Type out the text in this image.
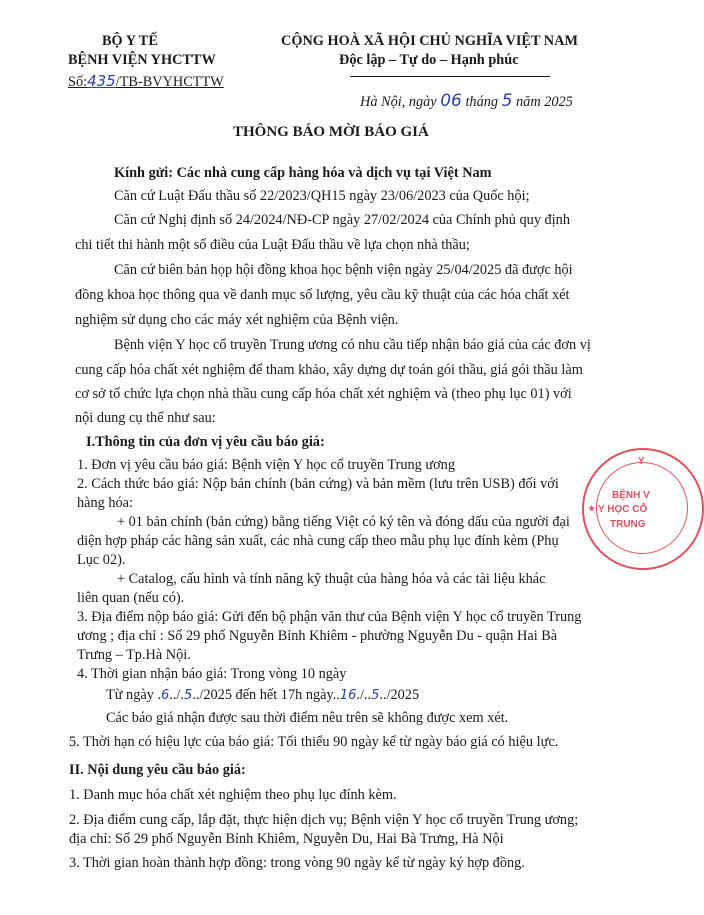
BỘ Y TẾ
BỆNH VIỆN YHCTTW
Số:435/TB-BVYHCTTW
CỘNG HOÀ XÃ HỘI CHỦ NGHĨA VIỆT NAM
Độc lập – Tự do – Hạnh phúc
Hà Nội, ngày 06 tháng 5 năm 2025
THÔNG BÁO MỜI BÁO GIÁ
Kính gửi: Các nhà cung cấp hàng hóa và dịch vụ tại Việt Nam
Căn cứ Luật Đấu thầu số 22/2023/QH15 ngày 23/06/2023 của Quốc hội;
Căn cứ Nghị định số 24/2024/NĐ-CP ngày 27/02/2024 của Chính phủ quy định
chi tiết thi hành một số điều của Luật Đấu thầu về lựa chọn nhà thầu;
Căn cứ biên bản họp hội đồng khoa học bệnh viện ngày 25/04/2025 đã được hội
đồng khoa học thông qua về danh mục số lượng, yêu cầu kỹ thuật của các hóa chất xét
nghiệm sử dụng cho các máy xét nghiệm của Bệnh viện.
Bệnh viện Y học cổ truyền Trung ương có nhu cầu tiếp nhận báo giá của các đơn vị
cung cấp hóa chất xét nghiệm để tham khảo, xây dựng dự toán gói thầu, giá gói thầu làm
cơ sở tổ chức lựa chọn nhà thầu cung cấp hóa chất xét nghiệm và (theo phụ lục 01) với
nội dung cụ thể như sau:
I.Thông tin của đơn vị yêu cầu báo giá:
1. Đơn vị yêu cầu báo giá: Bệnh viện Y học cổ truyền Trung ương
2. Cách thức báo giá: Nộp bản chính (bản cứng) và bản mềm (lưu trên USB) đối với
hàng hóa:
+ 01 bản chính (bản cứng) bằng tiếng Việt có ký tên và đóng dấu của người đại
diện hợp pháp các hãng sản xuất, các nhà cung cấp theo mẫu phụ lục đính kèm (Phụ
Lục 02).
+ Catalog, cấu hình và tính năng kỹ thuật của hàng hóa và các tài liệu khác
liên quan (nếu có).
3. Địa điểm nộp báo giá: Gửi đến bộ phận văn thư của Bệnh viện Y học cổ truyền Trung
ương ; địa chỉ : Số 29 phố Nguyễn Bỉnh Khiêm - phường Nguyễn Du - quận Hai Bà
Trưng – Tp.Hà Nội.
4. Thời gian nhận báo giá: Trong vòng 10 ngày
Từ ngày .6../.5../2025 đến hết 17h ngày..16./..5../2025
Các báo giá nhận được sau thời điểm nêu trên sẽ không được xem xét.
5. Thời hạn có hiệu lực của báo giá: Tối thiểu 90 ngày kể từ ngày báo giá có hiệu lực.
II. Nội dung yêu cầu báo giá:
1. Danh mục hóa chất xét nghiệm theo phụ lục đính kèm.
2. Địa điểm cung cấp, lắp đặt, thực hiện dịch vụ; Bệnh viện Y học cổ truyền Trung ương;
địa chỉ: Số 29 phố Nguyễn Bỉnh Khiêm, Nguyễn Du, Hai Bà Trưng, Hà Nội
3. Thời gian hoàn thành hợp đồng: trong vòng 90 ngày kể từ ngày ký hợp đồng.
Y
BỆNH V
Y HỌC CỔ
TRUNG
★
